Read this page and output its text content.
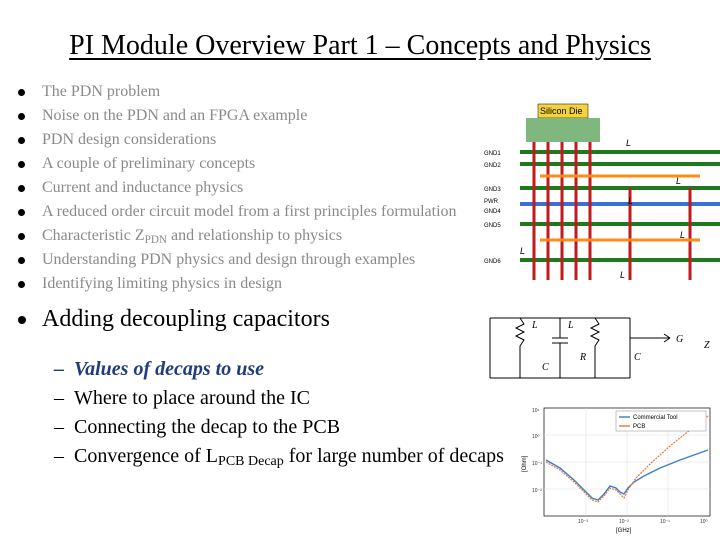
PI Module Overview Part 1 – Concepts and Physics
The PDN problem
Noise on the PDN and an FPGA example
PDN design considerations
A couple of preliminary concepts
Current and inductance physics
A reduced order circuit model from a first principles formulation
Characteristic $Z_{PDN}$ and relationship to physics
Understanding PDN physics and design through examples
Identifying limiting physics in design
Adding decoupling capacitors
– Values of decaps to use
– Where to place around the IC
– Connecting the decap to the PCB
– Convergence of $L_{PCB Decap}$ for large number of decaps
Silicon Die
GND1
GND2
GND3
PWR
GND4
GND5
GND6
L
L
L
L
L
L
L	L
R
C
C
G
Z
Commercial Tool
PCB
10¹
10⁰
10⁻¹
10⁻²
10⁻³	10⁻²	10⁻¹	10⁰
[GHz]
[Ohm]
